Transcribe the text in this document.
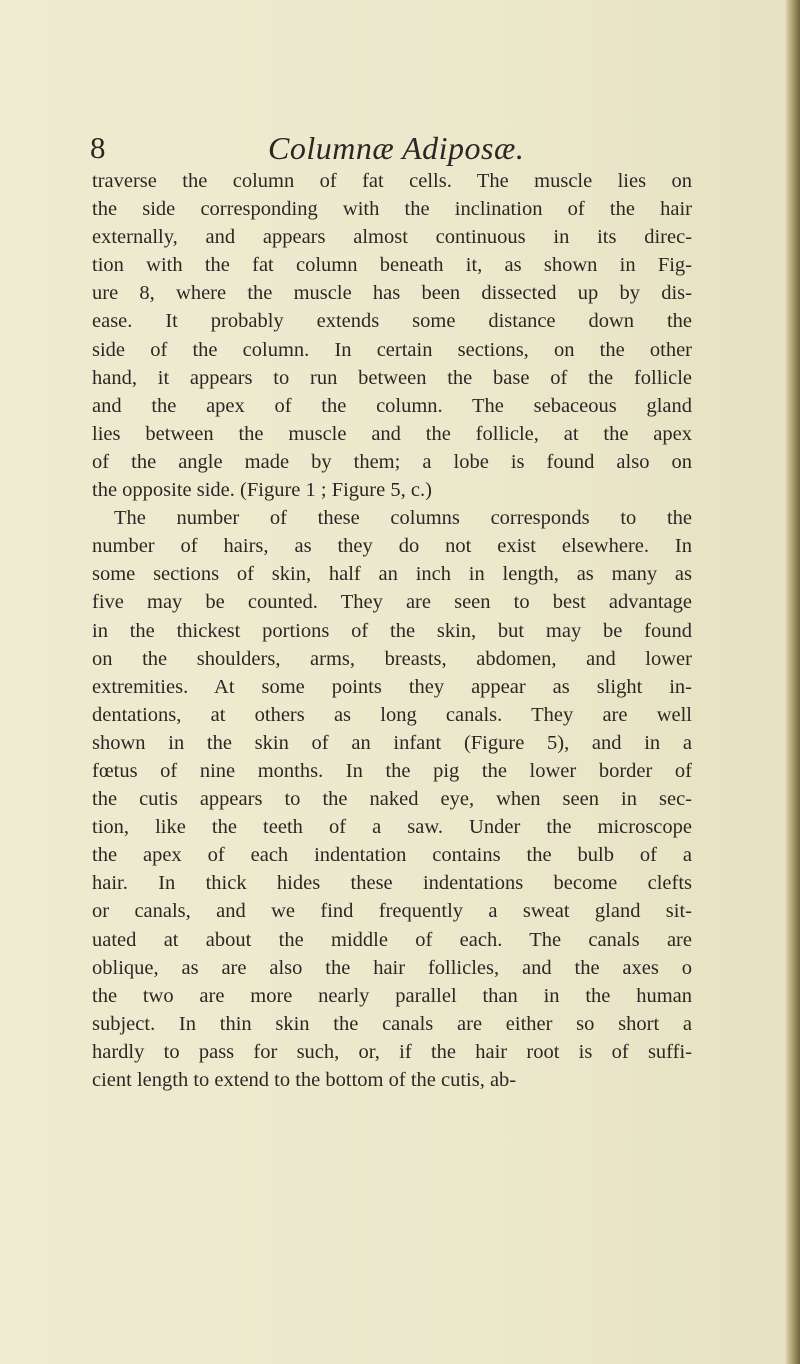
8	Columnæ Adiposæ.
traverse the column of fat cells. The muscle lies on
the side corresponding with the inclination of the hair
externally, and appears almost continuous in its direc-
tion with the fat column beneath it, as shown in Fig-
ure 8, where the muscle has been dissected up by dis-
ease. It probably extends some distance down the
side of the column. In certain sections, on the other
hand, it appears to run between the base of the follicle
and the apex of the column. The sebaceous gland
lies between the muscle and the follicle, at the apex
of the angle made by them; a lobe is found also on
the opposite side. (Figure 1 ; Figure 5, c.)
The number of these columns corresponds to the
number of hairs, as they do not exist elsewhere. In
some sections of skin, half an inch in length, as many as
five may be counted. They are seen to best advantage
in the thickest portions of the skin, but may be found
on the shoulders, arms, breasts, abdomen, and lower
extremities. At some points they appear as slight in-
dentations, at others as long canals. They are well
shown in the skin of an infant (Figure 5), and in a
fœtus of nine months. In the pig the lower border of
the cutis appears to the naked eye, when seen in sec-
tion, like the teeth of a saw. Under the microscope
the apex of each indentation contains the bulb of a
hair. In thick hides these indentations become clefts
or canals, and we find frequently a sweat gland sit-
uated at about the middle of each. The canals are
oblique, as are also the hair follicles, and the axes o
the two are more nearly parallel than in the human
subject. In thin skin the canals are either so short a
hardly to pass for such, or, if the hair root is of suffi-
cient length to extend to the bottom of the cutis, ab-
